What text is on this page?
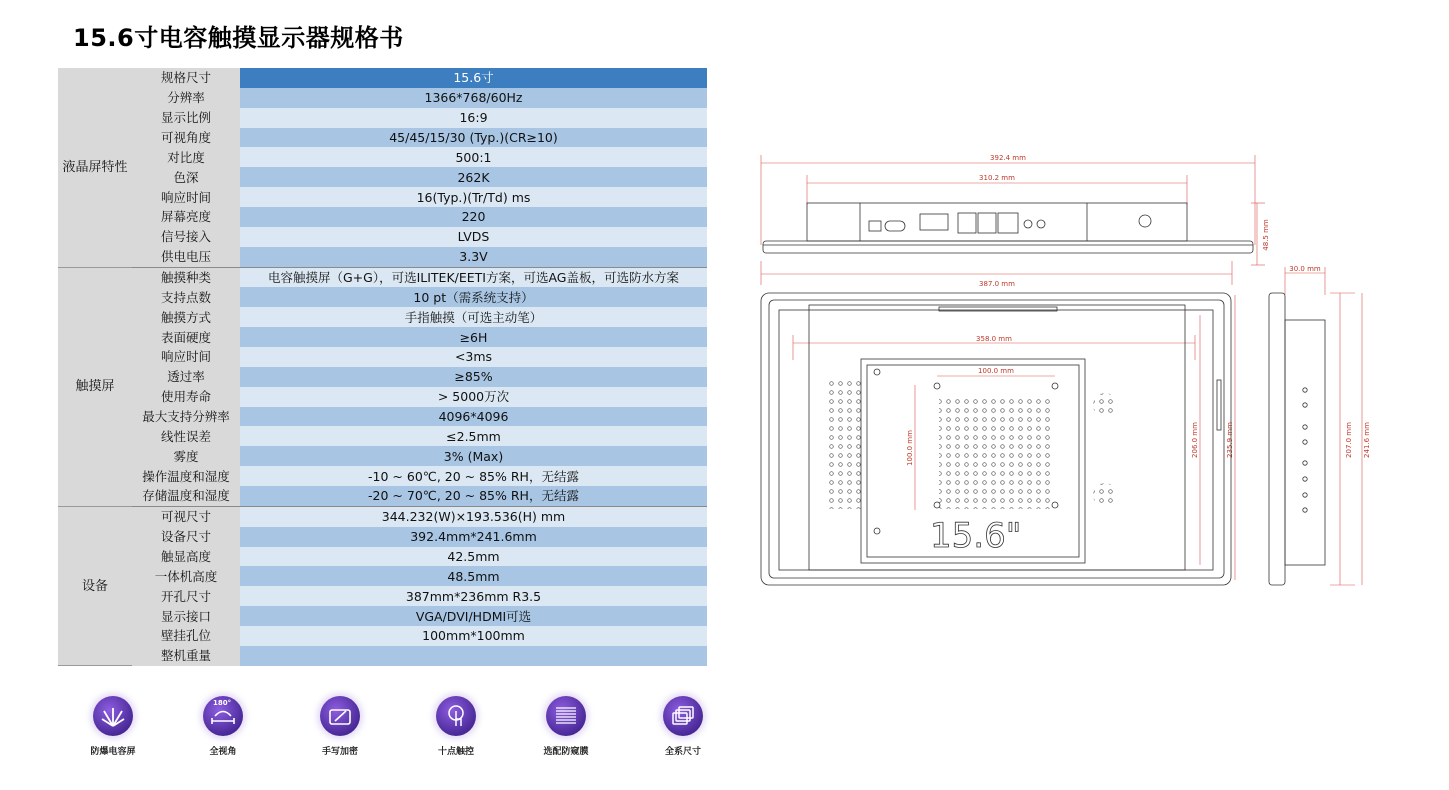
15.6寸电容触摸显示器规格书
液晶屏特性	规格尺寸	15.6寸
	分辨率	1366*768/60Hz
	显示比例	16:9
	可视角度	45/45/15/30 (Typ.)(CR≥10)
	对比度	500:1
	色深	262K
	响应时间	16(Typ.)(Tr/Td) ms
	屏幕亮度	220
	信号接入	LVDS
	供电电压	3.3V
触摸屏	触摸种类	电容触摸屏（G+G），可选ILITEK/EETI方案，可选AG盖板，可选防水方案
	支持点数	10 pt（需系统支持）
	触摸方式	手指触摸（可选主动笔）
	表面硬度	≥6H
	响应时间	<3ms
	透过率	≥85%
	使用寿命	> 5000万次
	最大支持分辨率	4096*4096
	线性误差	≤2.5mm
	雾度	3% (Max)
	操作温度和湿度	-10 ~ 60℃, 20 ~ 85% RH，无结露
	存储温度和湿度	-20 ~ 70℃, 20 ~ 85% RH，无结露
设备	可视尺寸	344.232(W)×193.536(H) mm
	设备尺寸	392.4mm*241.6mm
	触显高度	42.5mm
	一体机高度	48.5mm
	开孔尺寸	387mm*236mm R3.5
	显示接口	VGA/DVI/HDMI可选
	壁挂孔位	100mm*100mm
	整机重量	
防爆电容屏
180°
全视角	手写加密	十点触控	选配防窥膜	全系尺寸
392.4 mm
310.2 mm
387.0 mm
30.0 mm
358.0 mm
100.0 mm
48.5 mm
100.0 mm	206.0 mm	235.9 mm	207.0 mm 241.6 mm
15.6"
